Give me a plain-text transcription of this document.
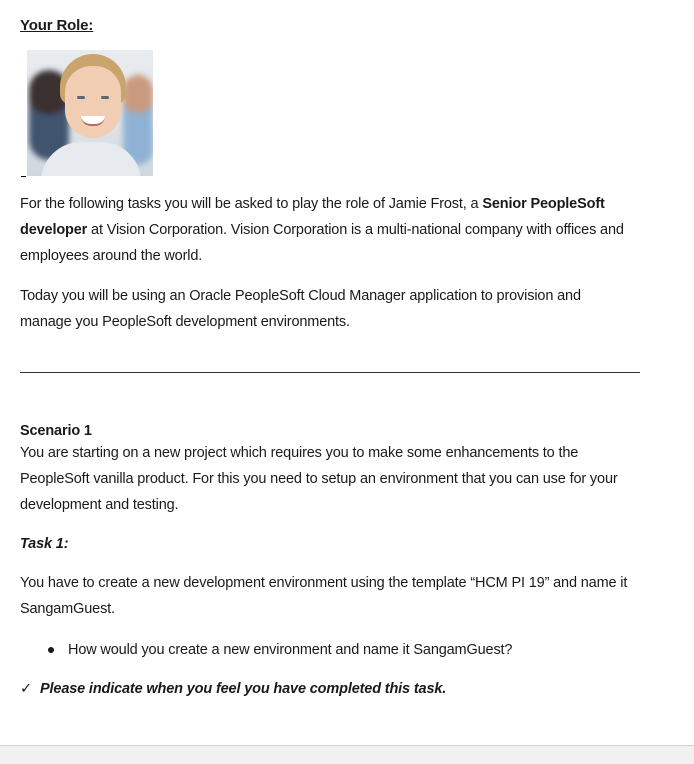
Your Role:
For the following tasks you will be asked to play the role of Jamie Frost, a Senior PeopleSoft developer at Vision Corporation. Vision Corporation is a multi-national company with offices and employees around the world.
Today you will be using an Oracle PeopleSoft Cloud Manager application to provision and manage you PeopleSoft development environments.
Scenario 1
You are starting on a new project which requires you to make some enhancements to the PeopleSoft vanilla product. For this you need to setup an environment that you can use for your development and testing.
Task 1:
You have to create a new development environment using the template “HCM PI 19” and name it SangamGuest.
How would you create a new environment and name it SangamGuest?
✓ Please indicate when you feel you have completed this task.
